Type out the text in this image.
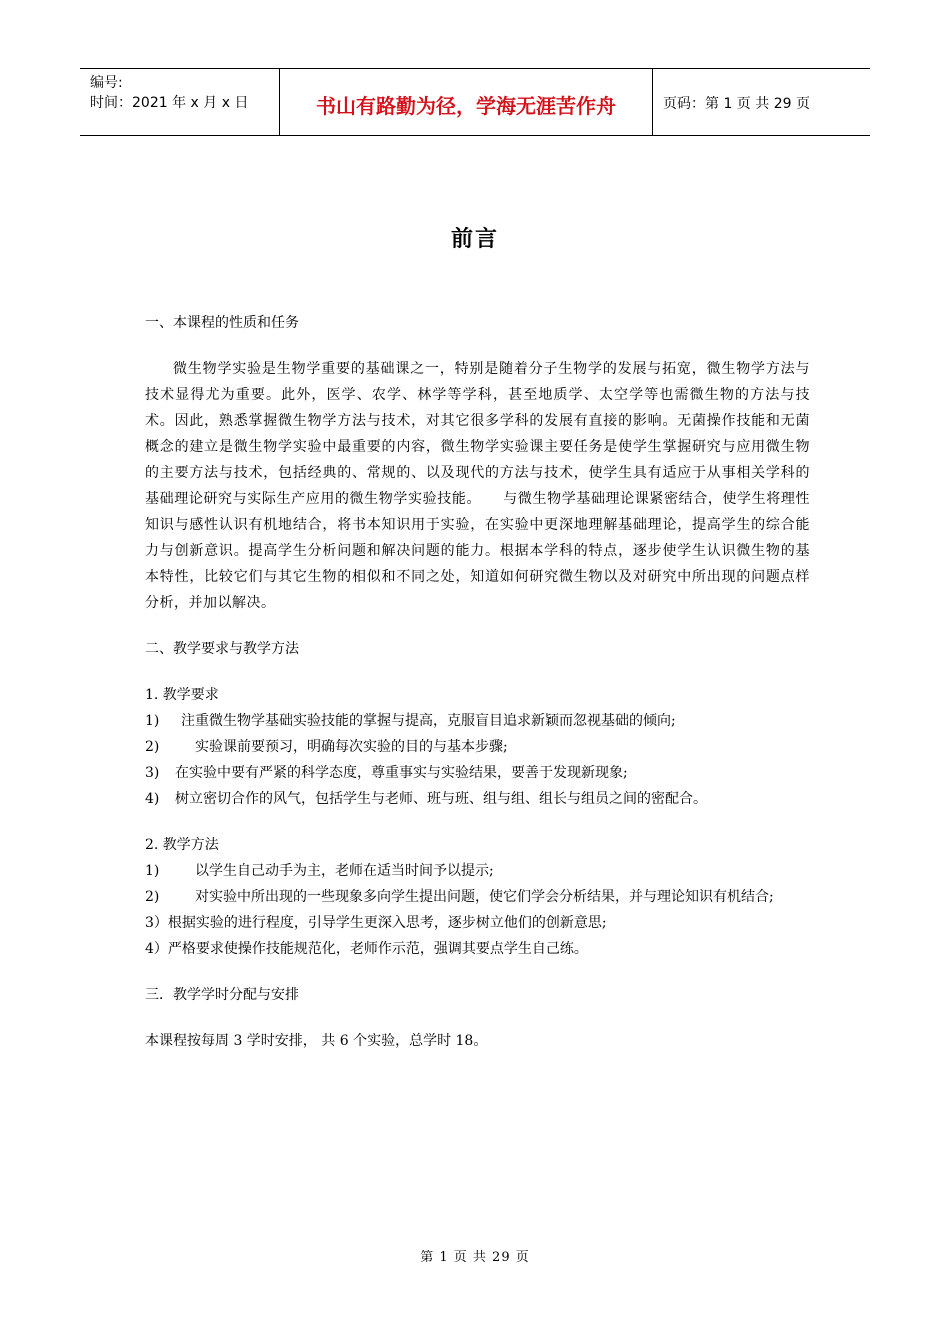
编号:
时间：2021 年 x 月 x 日	书山有路勤为径，学海无涯苦作舟	页码：第 1 页 共 29 页
前言

一、本课程的性质和任务

微生物学实验是生物学重要的基础课之一，特别是随着分子生物学的发展与拓宽，微生物学方法与技术显得尤为重要。此外，医学、农学、林学等学科，甚至地质学、太空学等也需微生物的方法与技术。因此，熟悉掌握微生物学方法与技术，对其它很多学科的发展有直接的影响。无菌操作技能和无菌概念的建立是微生物学实验中最重要的内容，微生物学实验课主要任务是使学生掌握研究与应用微生物的主要方法与技术，包括经典的、常规的、以及现代的方法与技术，使学生具有适应于从事相关学科的基础理论研究与实际生产应用的微生物学实验技能。　　与微生物学基础理论课紧密结合，使学生将理性知识与感性认识有机地结合，将书本知识用于实验，在实验中更深地理解基础理论，提高学生的综合能力与创新意识。提高学生分析问题和解决问题的能力。根据本学科的特点，逐步使学生认识微生物的基本特性，比较它们与其它生物的相似和不同之处，知道如何研究微生物以及对研究中所出现的问题点样分析，并加以解决。

二、教学要求与教学方法

1. 教学要求

1)	注重微生物学基础实验技能的掌握与提高，克服盲目追求新颖而忽视基础的倾向;

2)	实验课前要预习，明确每次实验的目的与基本步骤;

3)	在实验中要有严紧的科学态度，尊重事实与实验结果，要善于发现新现象;

4)	树立密切合作的风气，包括学生与老师、班与班、组与组、组长与组员之间的密配合。

2. 教学方法

1)	以学生自己动手为主，老师在适当时间予以提示;

2)	对实验中所出现的一些现象多向学生提出问题，使它们学会分析结果，并与理论知识有机结合;

3）根据实验的进行程度，引导学生更深入思考，逐步树立他们的创新意思;

4）严格要求使操作技能规范化，老师作示范，强调其要点学生自己练。

三．教学学时分配与安排

本课程按每周 3 学时安排， 共 6 个实验，总学时 18。

第 1 页 共 29 页
